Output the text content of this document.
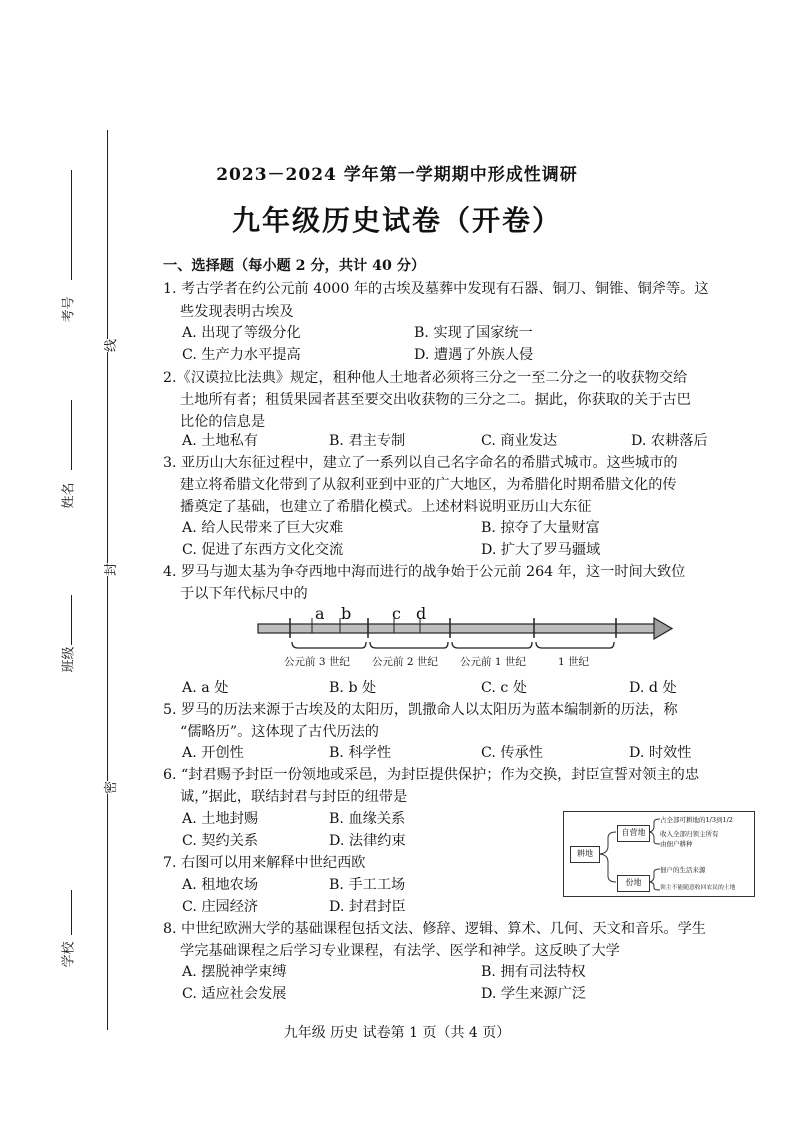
考号
姓名
班级
学校
线
封
密
2023－2024 学年第一学期期中形成性调研
九年级历史试卷（开卷）
一、选择题（每小题 2 分，共计 40 分）
1. 考古学者在约公元前 4000 年的古埃及墓葬中发现有石器、铜刀、铜锥、铜斧等。这
些发现表明古埃及
A. 出现了等级分化	B. 实现了国家统一
C. 生产力水平提高	D. 遭遇了外族人侵
2.《汉谟拉比法典》规定，租种他人土地者必须将三分之一至二分之一的收获物交给
土地所有者；租赁果园者甚至要交出收获物的三分之二。据此，你获取的关于古巴
比伦的信息是
A. 土地私有	B. 君主专制	C. 商业发达	D. 农耕落后
3. 亚历山大东征过程中，建立了一系列以自己名字命名的希腊式城市。这些城市的
建立将希腊文化带到了从叙利亚到中亚的广大地区，为希腊化时期希腊文化的传
播奠定了基础，也建立了希腊化模式。上述材料说明亚历山大东征
A. 给人民带来了巨大灾难	B. 掠夺了大量财富
C. 促进了东西方文化交流	D. 扩大了罗马疆域
4. 罗马与迦太基为争夺西地中海而进行的战争始于公元前 264 年，这一时间大致位
于以下年代标尺中的
a b	c d
公元前 3 世纪 公元前 2 世纪 公元前 1 世纪	1 世纪
A. a 处	B. b 处	C. c 处	D. d 处
5. 罗马的历法来源于古埃及的太阳历，凯撒命人以太阳历为蓝本编制新的历法，称
“儒略历”。这体现了古代历法的
A. 开创性	B. 科学性	C. 传承性	D. 时效性
6. “封君赐予封臣一份领地或采邑，为封臣提供保护；作为交换，封臣宣誓对领主的忠
诚，”据此，联结封君与封臣的纽带是
A. 土地封赐	B. 血缘关系
C. 契约关系	D. 法律约束
7. 右图可以用来解释中世纪西欧
A. 租地农场	B. 手工工场
C. 庄园经济	D. 封君封臣
耕地
自营地
份地
占全部可耕地的1/3到1/2
收入全部归领主所有
由佃户耕种
佃户的生活来源
领主不能随意收回农民的土地
8. 中世纪欧洲大学的基础课程包括文法、修辞、逻辑、算术、几何、天文和音乐。学生
学完基础课程之后学习专业课程，有法学、医学和神学。这反映了大学
A. 摆脱神学束缚	B. 拥有司法特权
C. 适应社会发展	D. 学生来源广泛
九年级 历史 试卷第 1 页（共 4 页）
